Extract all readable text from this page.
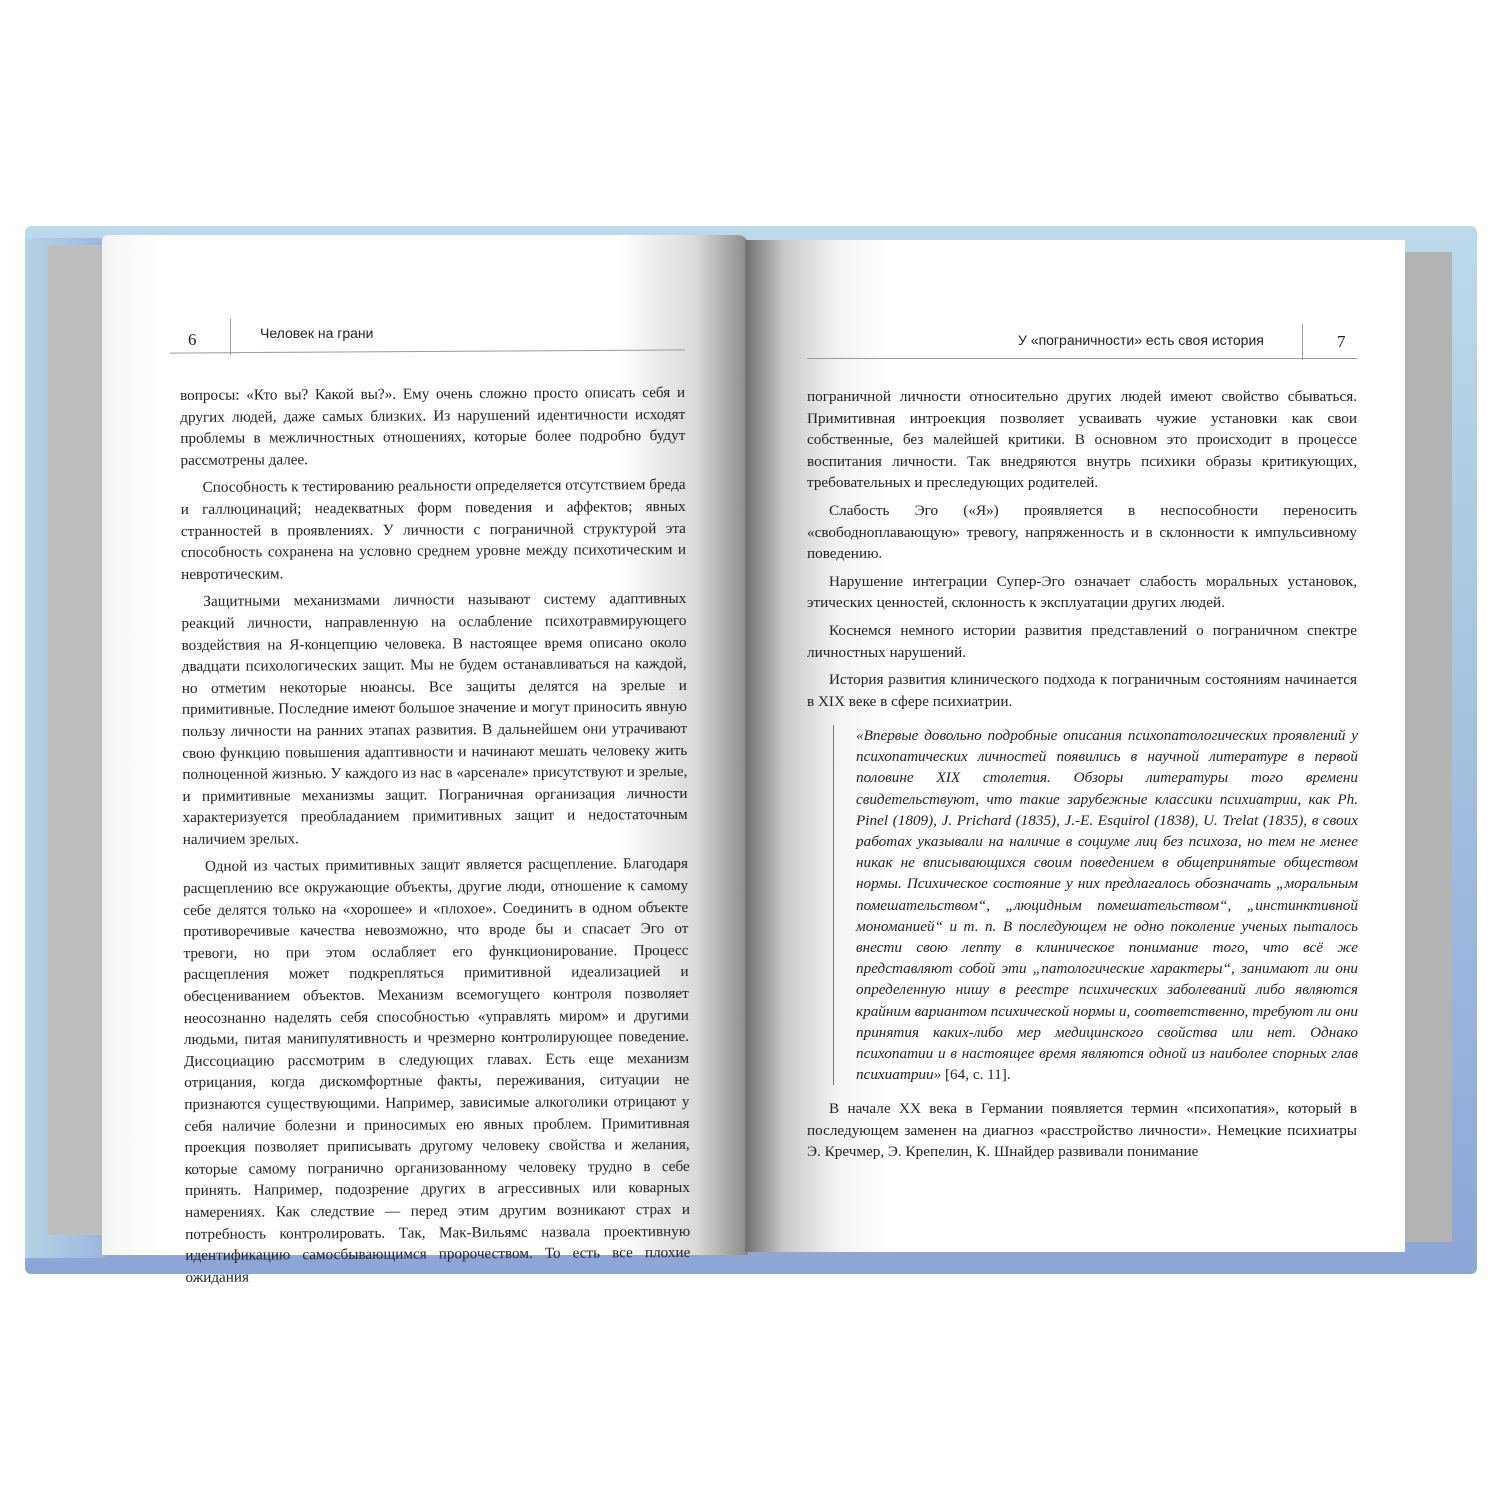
6	Человек на грани

вопросы: «Кто вы? Какой вы?». Ему очень сложно просто описать себя и других людей, даже самых близких. Из нарушений идентичности исходят проблемы в межличностных отношениях, которые более подробно будут рассмотрены далее.

Способность к тестированию реальности определяется отсутствием бреда и галлюцинаций; неадекватных форм поведения и аффектов; явных странностей в проявлениях. У личности с пограничной структурой эта способность сохранена на условно среднем уровне между психотическим и невротическим.

Защитными механизмами личности называют систему адаптивных реакций личности, направленную на ослабление психотравмирующего воздействия на Я-концепцию человека. В настоящее время описано около двадцати психологических защит. Мы не будем останавливаться на каждой, но отметим некоторые нюансы. Все защиты делятся на зрелые и примитивные. Последние имеют большое значение и могут приносить явную пользу личности на ранних этапах развития. В дальнейшем они утрачивают свою функцию повышения адаптивности и начинают мешать человеку жить полноценной жизнью. У каждого из нас в «арсенале» присутствуют и зрелые, и примитивные механизмы защит. Пограничная организация личности характеризуется преобладанием примитивных защит и недостаточным наличием зрелых.

Одной из частых примитивных защит является расщепление. Благодаря расщеплению все окружающие объекты, другие люди, отношение к самому себе делятся только на «хорошее» и «плохое». Соединить в одном объекте противоречивые качества невозможно, что вроде бы и спасает Эго от тревоги, но при этом ослабляет его функционирование. Процесс расщепления может подкрепляться примитивной идеализацией и обесцениванием объектов. Механизм всемогущего контроля позволяет неосознанно наделять себя способностью «управлять миром» и другими людьми, питая манипулятивность и чрезмерно контролирующее поведение. Диссоциацию рассмотрим в следующих главах. Есть еще механизм отрицания, когда дискомфортные факты, переживания, ситуации не признаются существующими. Например, зависимые алкоголики отрицают у себя наличие болезни и приносимых ею явных проблем. Примитивная проекция позволяет приписывать другому человеку свойства и желания, которые самому погранично организованному человеку трудно в себе принять. Например, подозрение других в агрессивных или коварных намерениях. Как следствие — перед этим другим возникают страх и потребность контролировать. Так, Мак-Вильямс назвала проективную идентификацию самосбывающимся пророчеством. То есть все плохие ожидания

У «пограничности» есть своя история	7

пограничной личности относительно других людей имеют свойство сбываться. Примитивная интроекция позволяет усваивать чужие установки как свои собственные, без малейшей критики. В основном это происходит в процессе воспитания личности. Так внедряются внутрь психики образы критикующих, требовательных и преследующих родителей.

Слабость Эго («Я») проявляется в неспособности переносить «свободноплавающую» тревогу, напряженность и в склонности к импульсивному поведению.

Нарушение интеграции Супер-Эго означает слабость моральных установок, этических ценностей, склонность к эксплуатации других людей.

Коснемся немного истории развития представлений о пограничном спектре личностных нарушений.

История развития клинического подхода к пограничным состояниям начинается в XIX веке в сфере психиатрии.

«Впервые довольно подробные описания психопатологических проявлений у психопатических личностей появились в научной литературе в первой половине XIX столетия. Обзоры литературы того времени свидетельствуют, что такие зарубежные классики психиатрии, как Ph. Pinel (1809), J. Prichard (1835), J.-E. Esquirol (1838), U. Trelat (1835), в своих работах указывали на наличие в социуме лиц без психоза, но тем не менее никак не вписывающихся своим поведением в общепринятые обществом нормы. Психическое состояние у них предлагалось обозначать „моральным помешательством“, „люцидным помешательством“, „инстинктивной мономанией“ и т. п. В последующем не одно поколение ученых пыталось внести свою лепту в клиническое понимание того, что всё же представляют собой эти „патологические характеры“, занимают ли они определенную нишу в реестре психических заболеваний либо являются крайним вариантом психической нормы и, соответственно, требуют ли они принятия каких-либо мер медицинского свойства или нет. Однако психопатии и в настоящее время являются одной из наиболее спорных глав психиатрии» [64, с. 11].

В начале XX века в Германии появляется термин «психопатия», который в последующем заменен на диагноз «расстройство личности». Немецкие психиатры Э. Кречмер, Э. Крепелин, К. Шнайдер развивали понимание
